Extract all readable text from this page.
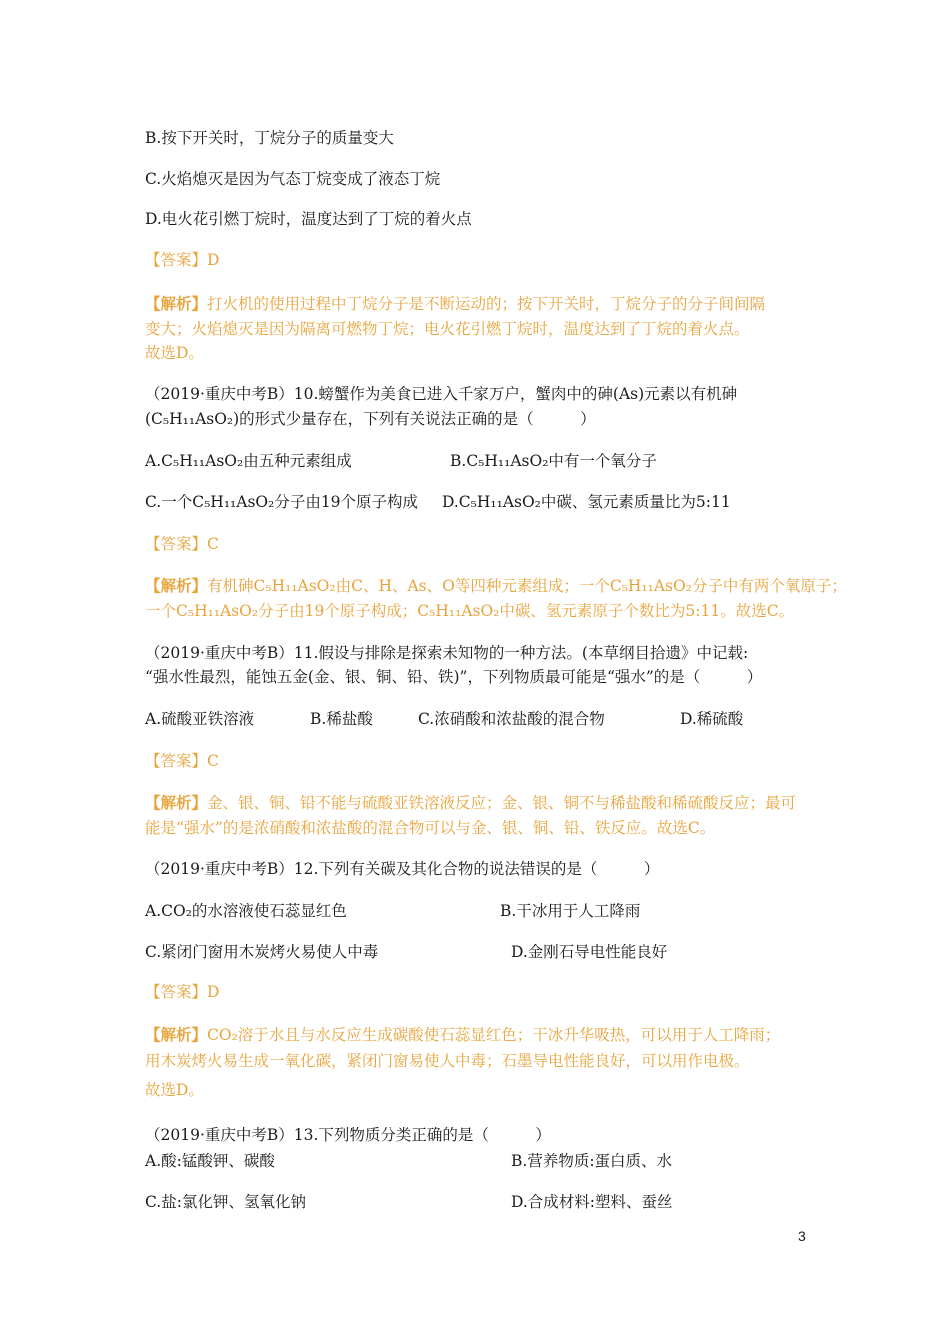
B.按下开关时，丁烷分子的质量变大
C.火焰熄灭是因为气态丁烷变成了液态丁烷
D.电火花引燃丁烷时，温度达到了丁烷的着火点
【答案】D
【解析】打火机的使用过程中丁烷分子是不断运动的；按下开关时，丁烷分子的分子间间隔
变大；火焰熄灭是因为隔离可燃物丁烷；电火花引燃丁烷时，温度达到了丁烷的着火点。
故选D。
（2019·重庆中考B）10.螃蟹作为美食已进入千家万户，蟹肉中的砷(As)元素以有机砷
(C₅H₁₁AsO₂)的形式少量存在，下列有关说法正确的是（　　　）
A.C₅H₁₁AsO₂由五种元素组成	B.C₅H₁₁AsO₂中有一个氧分子
C.一个C₅H₁₁AsO₂分子由19个原子构成 D.C₅H₁₁AsO₂中碳、氢元素质量比为5:11
【答案】C
【解析】有机砷C₅H₁₁AsO₂由C、H、As、O等四种元素组成；一个C₅H₁₁AsO₂分子中有两个氧原子；
一个C₅H₁₁AsO₂分子由19个原子构成；C₅H₁₁AsO₂中碳、氢元素原子个数比为5:11。故选C。
（2019·重庆中考B）11.假设与排除是探索未知物的一种方法。(本草纲目拾遗》中记载:
“强水性最烈，能蚀五金(金、银、铜、铅、铁)”，下列物质最可能是“强水”的是（　　　）
A.硫酸亚铁溶液	B.稀盐酸	C.浓硝酸和浓盐酸的混合物	D.稀硫酸
【答案】C
【解析】金、银、铜、铅不能与硫酸亚铁溶液反应；金、银、铜不与稀盐酸和稀硫酸反应；最可
能是“强水”的是浓硝酸和浓盐酸的混合物可以与金、银、铜、铅、铁反应。故选C。
（2019·重庆中考B）12.下列有关碳及其化合物的说法错误的是（　　　）
A.CO₂的水溶液使石蕊显红色	B.干冰用于人工降雨
C.紧闭门窗用木炭烤火易使人中毒	D.金刚石导电性能良好
【答案】D
【解析】CO₂溶于水且与水反应生成碳酸使石蕊显红色；干冰升华吸热，可以用于人工降雨；
用木炭烤火易生成一氧化碳，紧闭门窗易使人中毒；石墨导电性能良好，可以用作电极。
故选D。
（2019·重庆中考B）13.下列物质分类正确的是（　　　）
A.酸:锰酸钾、碳酸	B.营养物质:蛋白质、水
C.盐:氯化钾、氢氧化钠	D.合成材料:塑料、蚕丝
3
